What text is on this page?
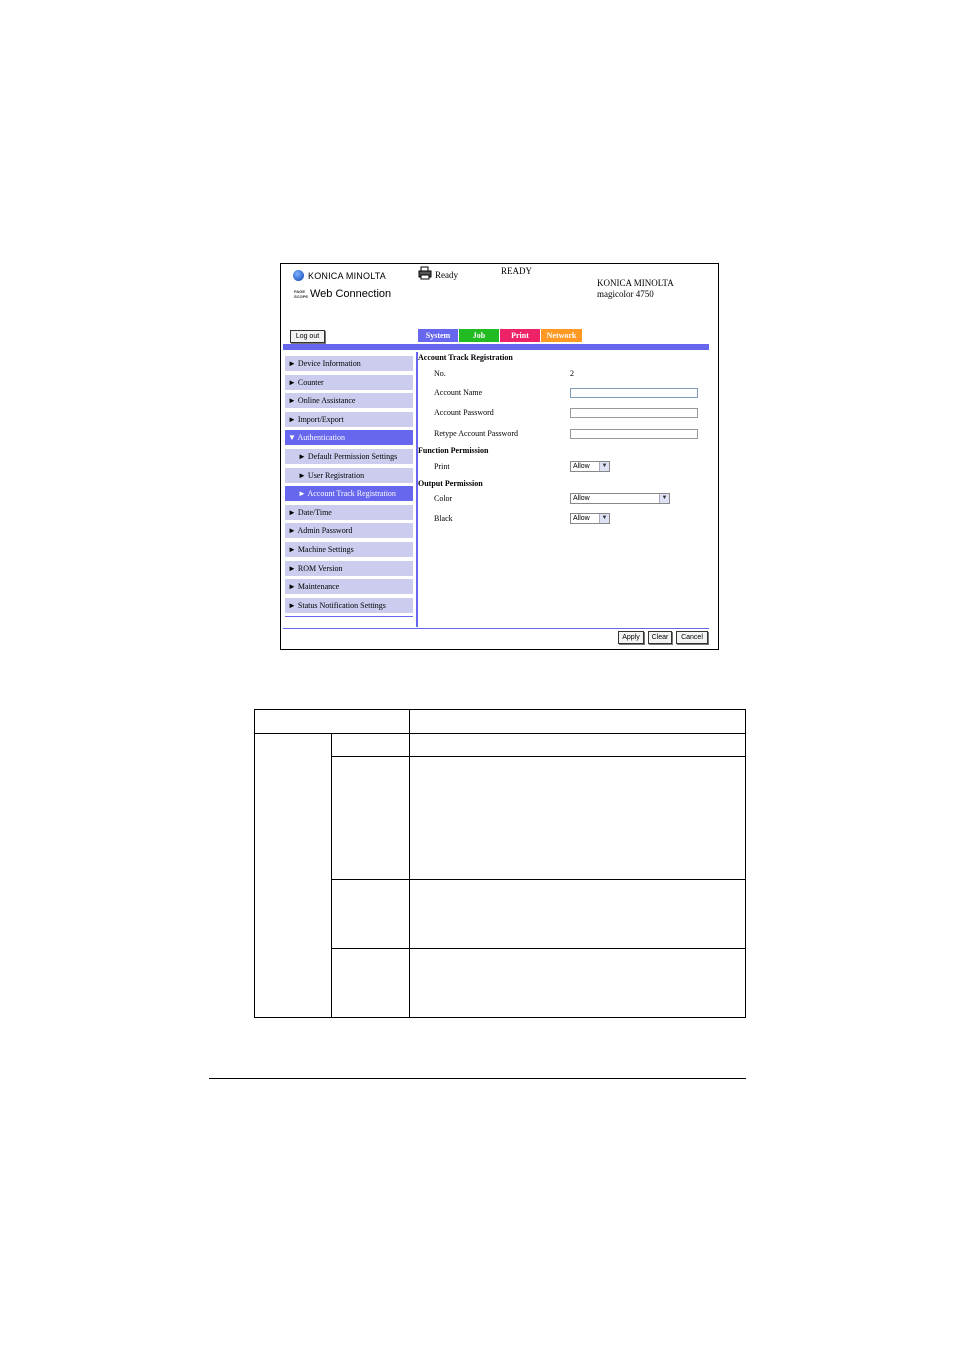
KONICA MINOLTA
PAGE SCOPE Web Connection
Ready	READY
KONICA MINOLTA
magicolor 4750
Log out	System	Job	Print	Network
► Device Information
► Counter
► Online Assistance
► Import/Export
▼ Authentication
► Default Permission Settings
► User Registration
► Account Track Registration
► Date/Time
► Admin Password
► Machine Settings
► ROM Version
► Maintenance
► Status Notification Settings
Account Track Registration
No.	2
Account Name
Account Password
Retype Account Password
Function Permission
Print	Allow	▼
Output Permission
Color	Allow	▼
Black	Allow	▼
Apply	Clear	Cancel
